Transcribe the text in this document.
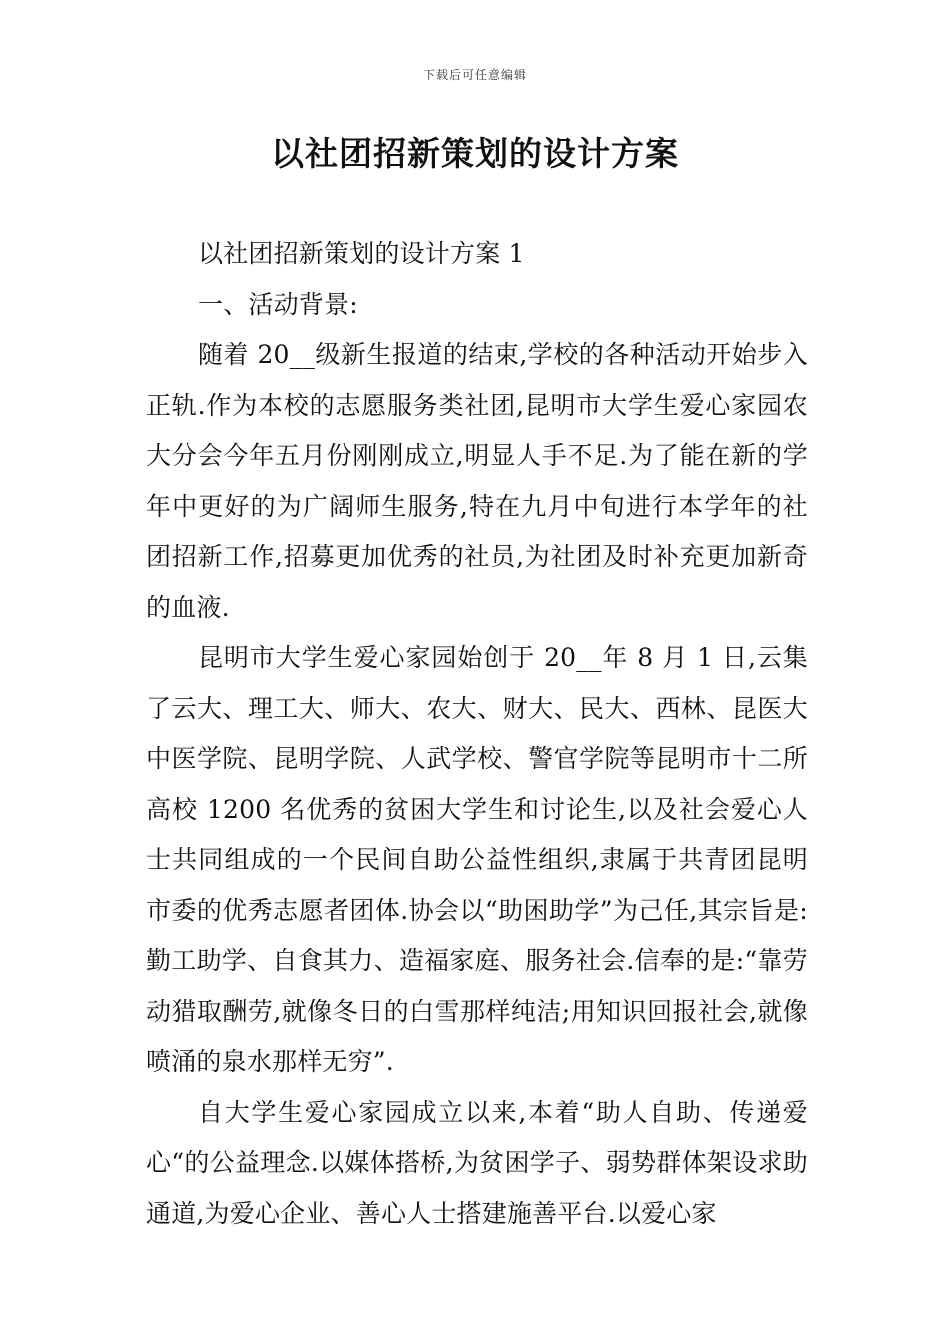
下载后可任意编辑
以社团招新策划的设计方案

以社团招新策划的设计方案 1

一、活动背景:

随着 20__级新生报道的结束,学校的各种活动开始步入正轨.作为本校的志愿服务类社团,昆明市大学生爱心家园农大分会今年五月份刚刚成立,明显人手不足.为了能在新的学年中更好的为广阔师生服务,特在九月中旬进行本学年的社团招新工作,招募更加优秀的社员,为社团及时补充更加新奇的血液.

昆明市大学生爱心家园始创于 20__年 8 月 1 日,云集了云大、理工大、师大、农大、财大、民大、西林、昆医大中医学院、昆明学院、人武学校、警官学院等昆明市十二所高校 1200 名优秀的贫困大学生和讨论生,以及社会爱心人士共同组成的一个民间自助公益性组织,隶属于共青团昆明市委的优秀志愿者团体.协会以“助困助学”为己任,其宗旨是:勤工助学、自食其力、造福家庭、服务社会.信奉的是:“靠劳动猎取酬劳,就像冬日的白雪那样纯洁;用知识回报社会,就像喷涌的泉水那样无穷”.

自大学生爱心家园成立以来,本着“助人自助、传递爱心“的公益理念.以媒体搭桥,为贫困学子、弱势群体架设求助通道,为爱心企业、善心人士搭建施善平台.以爱心家
